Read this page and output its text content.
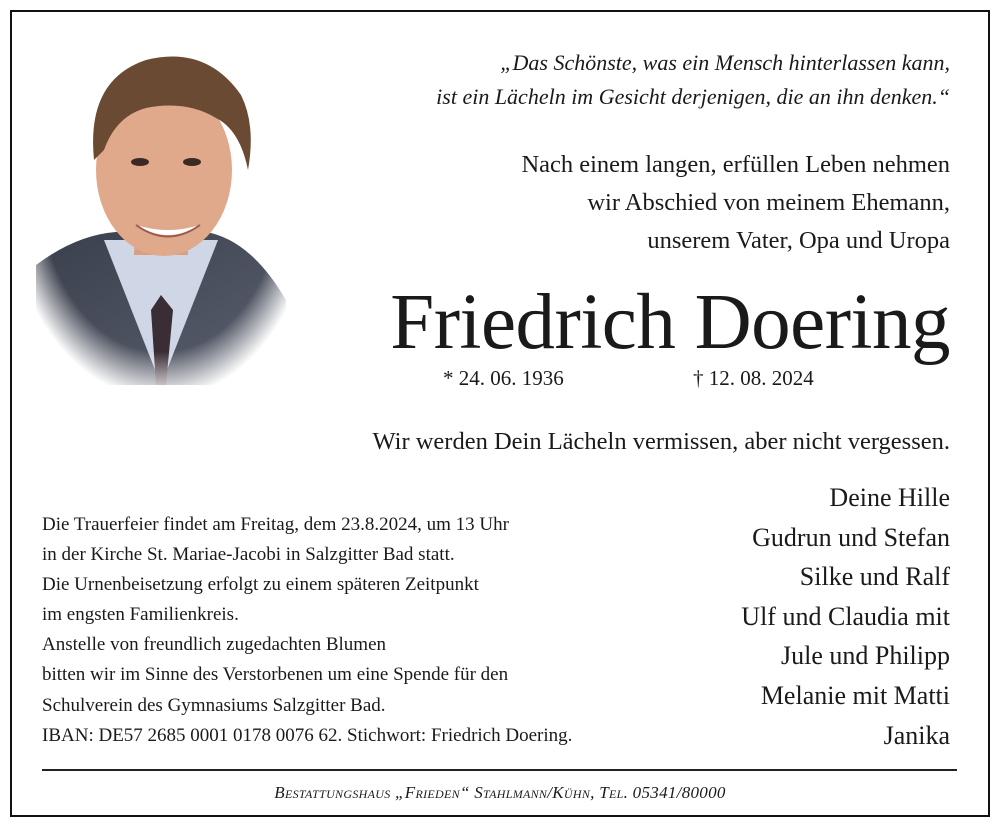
„Das Schönste, was ein Mensch hinterlassen kann,
ist ein Lächeln im Gesicht derjenigen, die an ihn denken.“
Nach einem langen, erfüllen Leben nehmen
wir Abschied von meinem Ehemann,
unserem Vater, Opa und Uropa
Friedrich Doering
* 24. 06. 1936	† 12. 08. 2024
Wir werden Dein Lächeln vermissen, aber nicht vergessen.
Deine Hille
Gudrun und Stefan
Silke und Ralf
Ulf und Claudia mit
Jule und Philipp
Melanie mit Matti
Janika
Die Trauerfeier findet am Freitag, dem 23.8.2024, um 13 Uhr
in der Kirche St. Mariae-Jacobi in Salzgitter Bad statt.
Die Urnenbeisetzung erfolgt zu einem späteren Zeitpunkt
im engsten Familienkreis.
Anstelle von freundlich zugedachten Blumen
bitten wir im Sinne des Verstorbenen um eine Spende für den
Schulverein des Gymnasiums Salzgitter Bad.
IBAN: DE57 2685 0001 0178 0076 62. Stichwort: Friedrich Doering.
Bestattungshaus „Frieden“ Stahlmann/Kühn, Tel. 05341/80000
